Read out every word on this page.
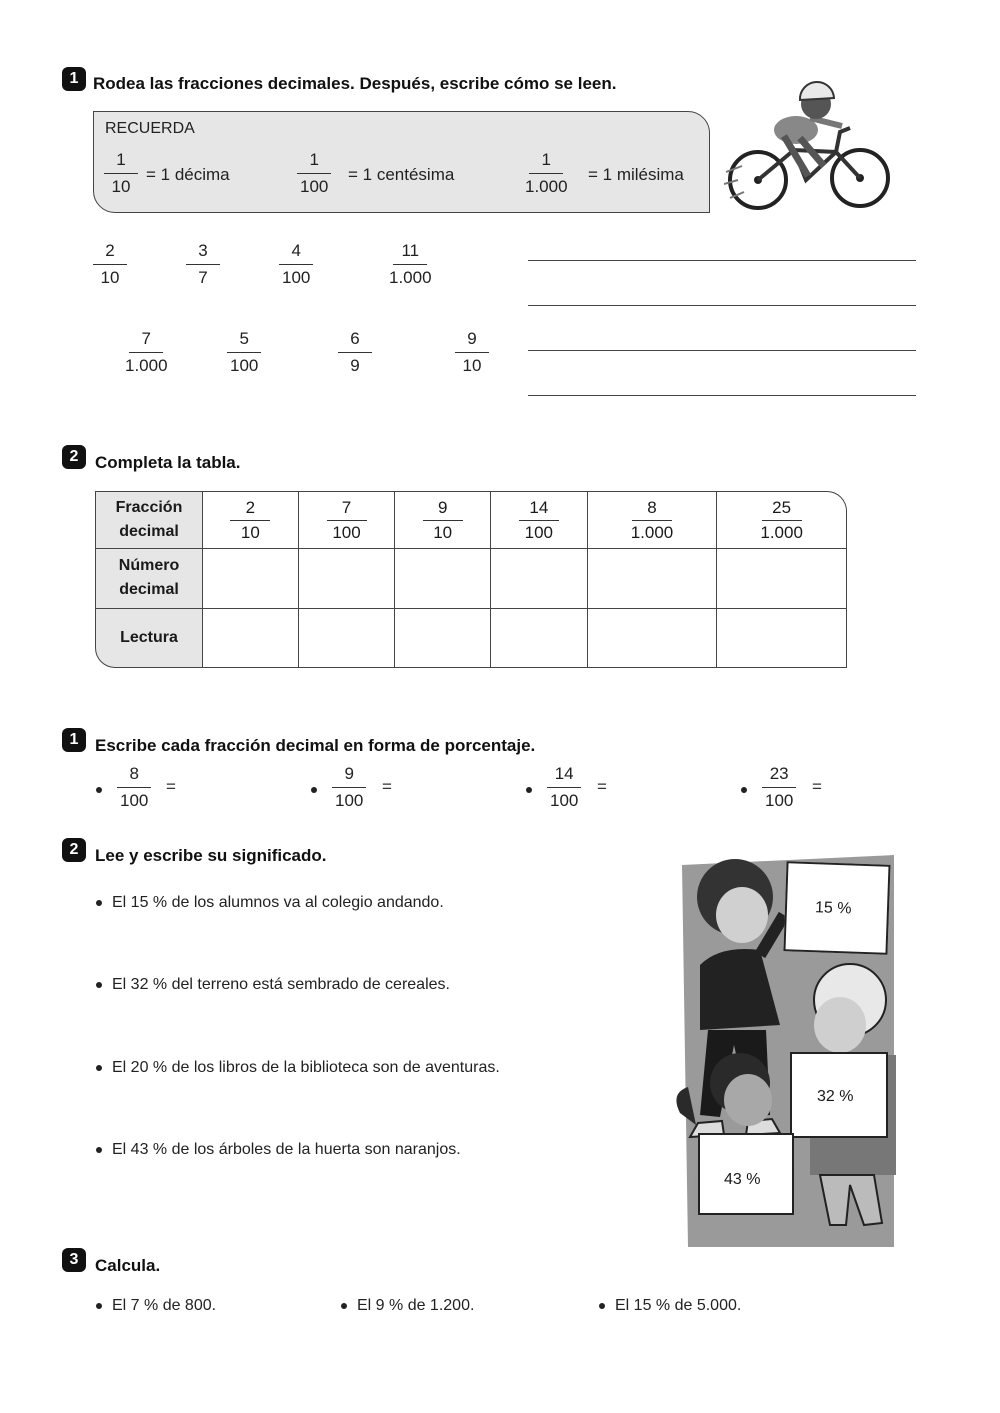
1 Rodea las fracciones decimales. Después, escribe cómo se leen.
RECUERDA
$\frac{1}{10} = 1$ décima	$\frac{1}{100} = 1$ centésima	$\frac{1}{1.000} = 1$ milésima
$\frac{2}{10}$	$\frac{3}{7}$	$\frac{4}{100}$	$\frac{11}{1.000}$
$\frac{7}{1.000}$	$\frac{5}{100}$	$\frac{6}{9}$	$\frac{9}{10}$
2 Completa la tabla.
Fracción decimal	$\frac{2}{10}$	$\frac{7}{100}$	$\frac{9}{10}$	$\frac{14}{100}$	$\frac{8}{1.000}$	$\frac{25}{1.000}$

Número decimal						
Lectura						
1 Escribe cada fracción decimal en forma de porcentaje.
$\frac{8}{100}$ =	$\frac{9}{100}$ =	$\frac{14}{100}$ =	$\frac{23}{100}$ =
2 Lee y escribe su significado.
El 15 % de los alumnos va al colegio andando.
El 32 % del terreno está sembrado de cereales.
El 20 % de los libros de la biblioteca son de aventuras.
El 43 % de los árboles de la huerta son naranjos.
15 %
32 %
43 %
3 Calcula.
El 7 % de 800.	El 9 % de 1.200.	El 15 % de 5.000.
